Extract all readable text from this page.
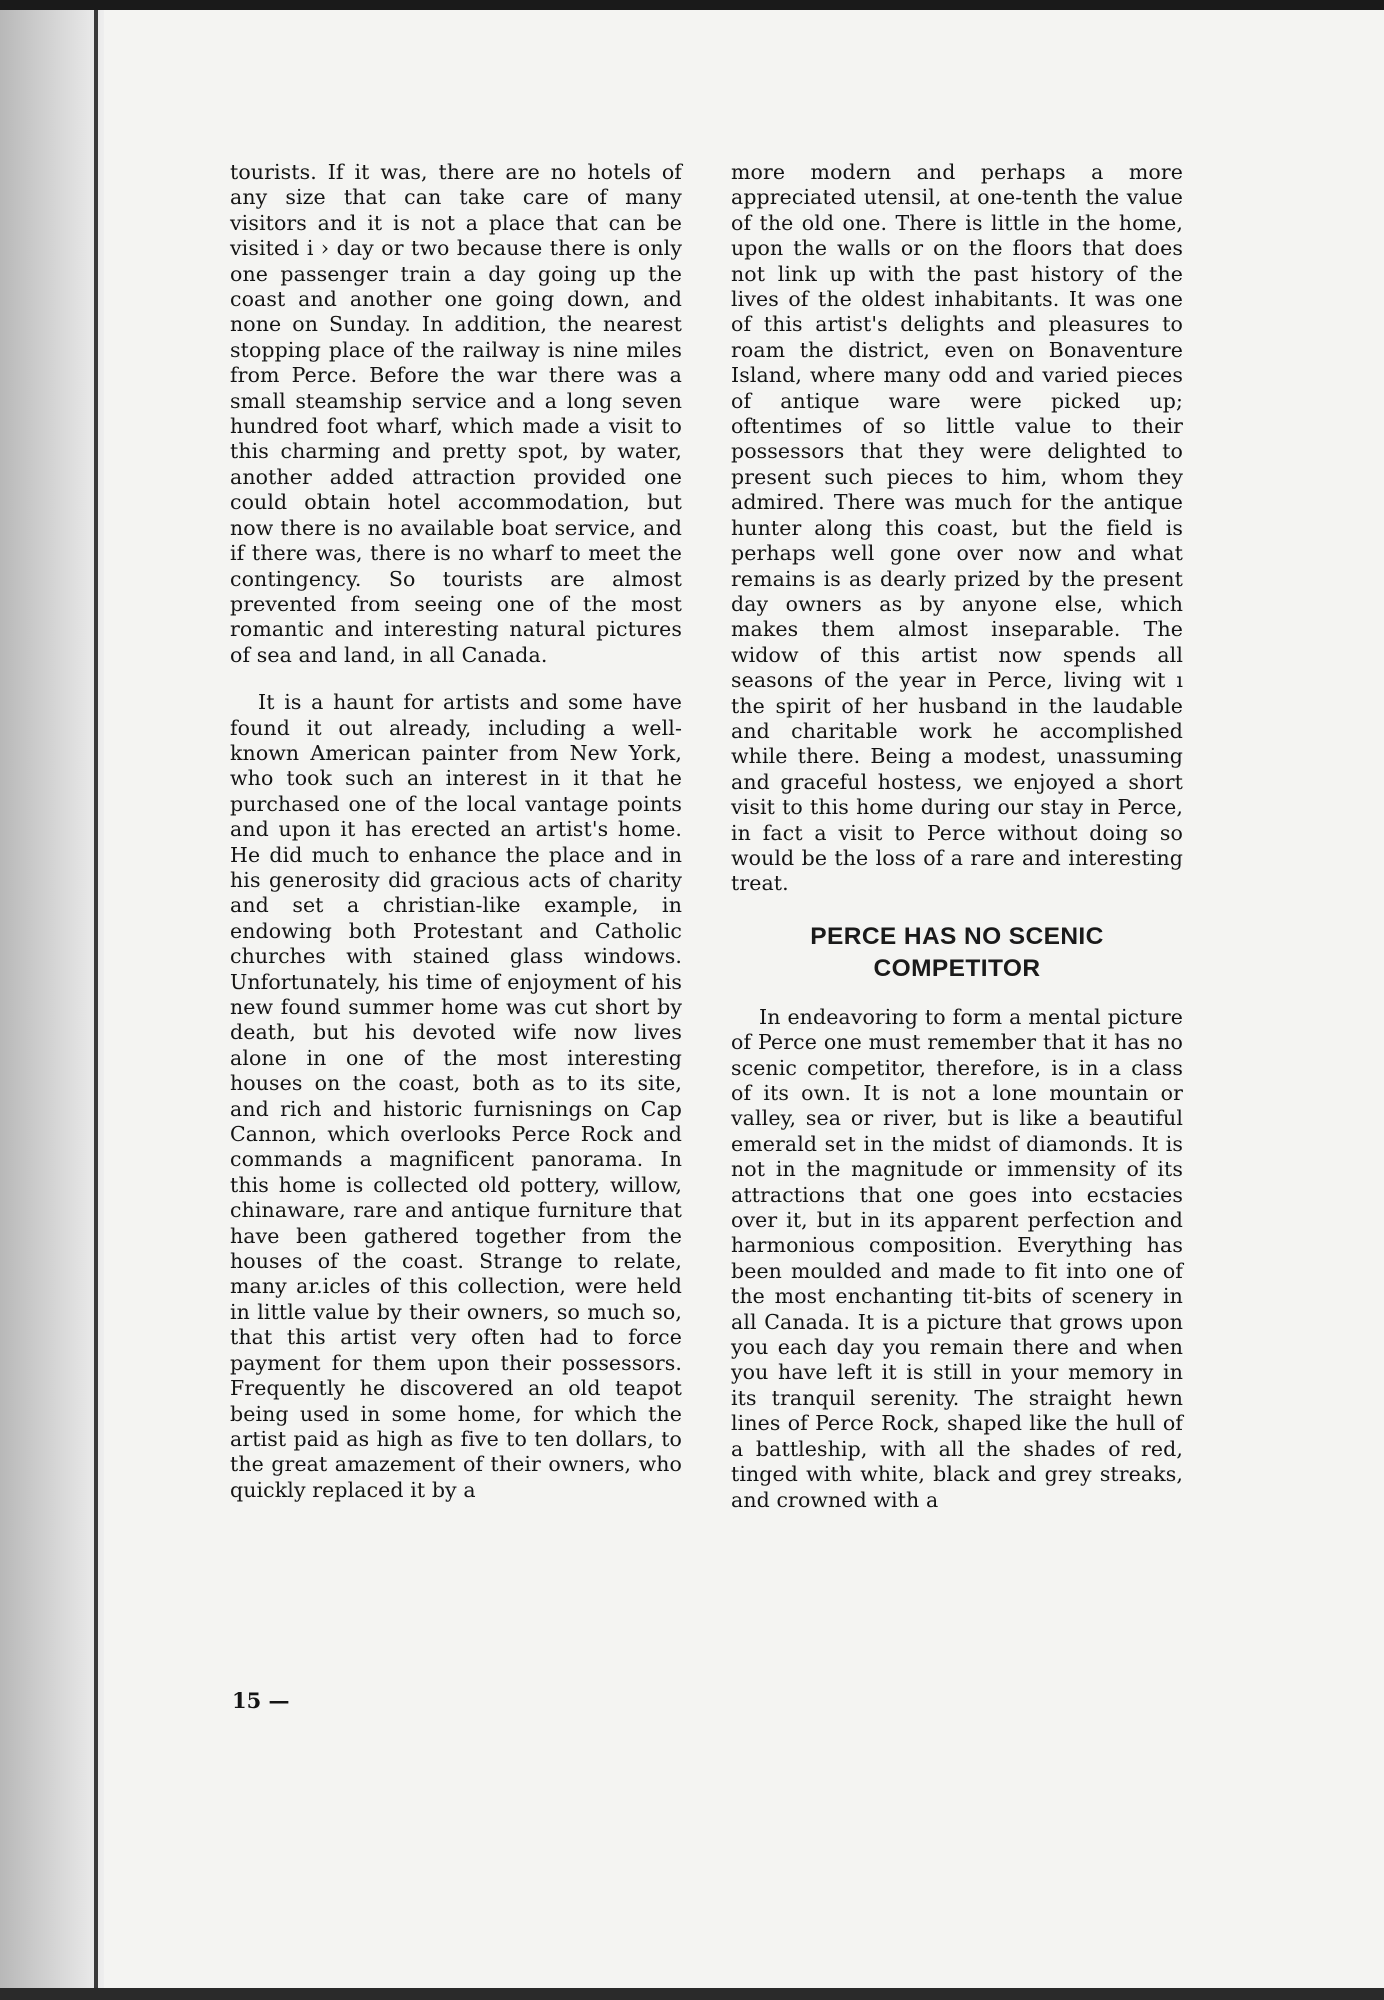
tourists. If it was, there are no hotels of any size that can take care of many visitors and it is not a place that can be visited i › day or two because there is only one passenger train a day going up the coast and another one going down, and none on Sunday. In addition, the nearest stopping place of the railway is nine miles from Perce. Before the war there was a small steamship service and a long seven hundred foot wharf, which made a visit to this charming and pretty spot, by water, another added attraction provided one could obtain hotel accommodation, but now there is no available boat service, and if there was, there is no wharf to meet the contingency. So tourists are almost prevented from seeing one of the most romantic and interesting natural pictures of sea and land, in all Canada.

It is a haunt for artists and some have found it out already, including a well-known American painter from New York, who took such an interest in it that he purchased one of the local vantage points and upon it has erected an artist's home. He did much to enhance the place and in his generosity did gracious acts of charity and set a christian-like example, in endowing both Protestant and Catholic churches with stained glass windows. Unfortunately, his time of enjoyment of his new found summer home was cut short by death, but his devoted wife now lives alone in one of the most interesting houses on the coast, both as to its site, and rich and historic furnisnings on Cap Cannon, which overlooks Perce Rock and commands a magnificent panorama. In this home is collected old pottery, willow, chinaware, rare and antique furniture that have been gathered together from the houses of the coast. Strange to relate, many ar.icles of this collection, were held in little value by their owners, so much so, that this artist very often had to force payment for them upon their possessors. Frequently he discovered an old teapot being used in some home, for which the artist paid as high as five to ten dollars, to the great amazement of their owners, who quickly replaced it by a

more modern and perhaps a more appreciated utensil, at one-tenth the value of the old one. There is little in the home, upon the walls or on the floors that does not link up with the past history of the lives of the oldest inhabitants. It was one of this artist's delights and pleasures to roam the district, even on Bonaventure Island, where many odd and varied pieces of antique ware were picked up; oftentimes of so little value to their possessors that they were delighted to present such pieces to him, whom they admired. There was much for the antique hunter along this coast, but the field is perhaps well gone over now and what remains is as dearly prized by the present day owners as by anyone else, which makes them almost inseparable. The widow of this artist now spends all seasons of the year in Perce, living wit ı the spirit of her husband in the laudable and charitable work he accomplished while there. Being a modest, unassuming and graceful hostess, we enjoyed a short visit to this home during our stay in Perce, in fact a visit to Perce without doing so would be the loss of a rare and interesting treat.

PERCE HAS NO SCENIC
COMPETITOR

In endeavoring to form a mental picture of Perce one must remember that it has no scenic competitor, therefore, is in a class of its own. It is not a lone mountain or valley, sea or river, but is like a beautiful emerald set in the midst of diamonds. It is not in the magnitude or immensity of its attractions that one goes into ecstacies over it, but in its apparent perfection and harmonious composition. Everything has been moulded and made to fit into one of the most enchanting tit-bits of scenery in all Canada. It is a picture that grows upon you each day you remain there and when you have left it is still in your memory in its tranquil serenity. The straight hewn lines of Perce Rock, shaped like the hull of a battleship, with all the shades of red, tinged with white, black and grey streaks, and crowned with a

15 —
